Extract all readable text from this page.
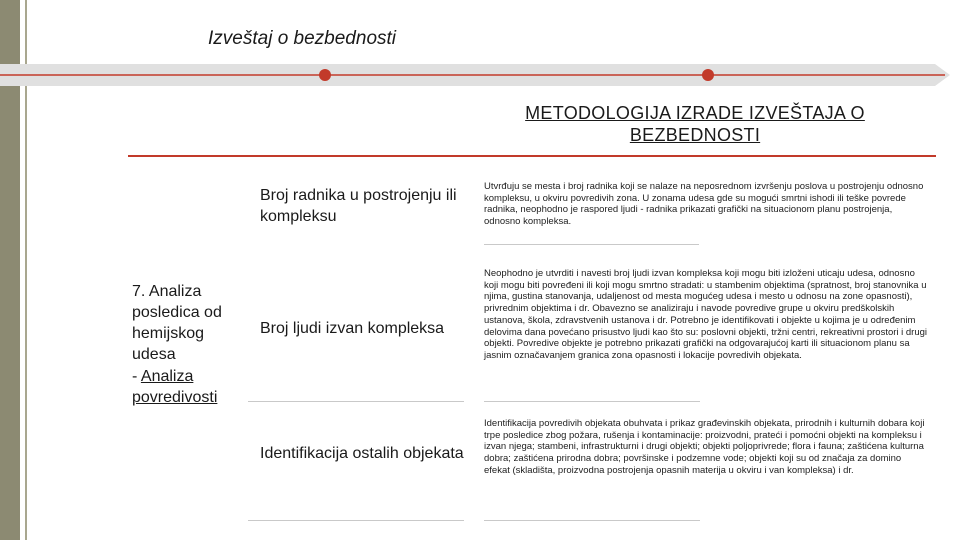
Izveštaj o bezbednosti
METODOLOGIJA IZRADE IZVEŠTAJA O BEZBEDNOSTI
7. Analiza posledica od hemijskog udesa
- Analiza povredivosti
Broj radnika u postrojenju ili kompleksu
Utvrđuju se mesta i broj radnika koji se nalaze na neposrednom izvršenju poslova u postrojenju odnosno kompleksu, u okviru povredivih zona. U zonama udesa gde su mogući smrtni ishodi ili teške povrede radnika, neophodno je raspored ljudi - radnika prikazati grafički na situacionom planu postrojenja, odnosno kompleksa.
Broj ljudi izvan kompleksa
Neophodno je utvrditi i navesti broj ljudi izvan kompleksa koji mogu biti izloženi uticaju udesa, odnosno koji mogu biti povređeni ili koji mogu smrtno stradati: u stambenim objektima (spratnost, broj stanovnika u njima, gustina stanovanja, udaljenost od mesta mogućeg udesa i mesto u odnosu na zone opasnosti), privrednim objektima i dr. Obavezno se analiziraju i navode povredive grupe u okviru predškolskih ustanova, škola, zdravstvenih ustanova i dr. Potrebno je identifikovati i objekte u kojima je u određenim delovima dana povećano prisustvo ljudi kao što su: poslovni objekti, tržni centri, rekreativni prostori i drugi objekti. Povredive objekte je potrebno prikazati grafički na odgovarajućoj karti ili situacionom planu sa jasnim označavanjem granica zona opasnosti i lokacije povredivih objekata.
Identifikacija ostalih objekata
Identifikacija povredivih objekata obuhvata i prikaz građevinskih objekata, prirodnih i kulturnih dobara koji trpe posledice zbog požara, rušenja i kontaminacije: proizvodni, prateći i pomoćni objekti na kompleksu i izvan njega; stambeni, infrastrukturni i drugi objekti; objekti poljoprivrede; flora i fauna; zaštićena kulturna dobra; zaštićena prirodna dobra; površinske i podzemne vode; objekti koji su od značaja za domino efekat (skladišta, proizvodna postrojenja opasnih materija u okviru i van kompleksa) i dr.
